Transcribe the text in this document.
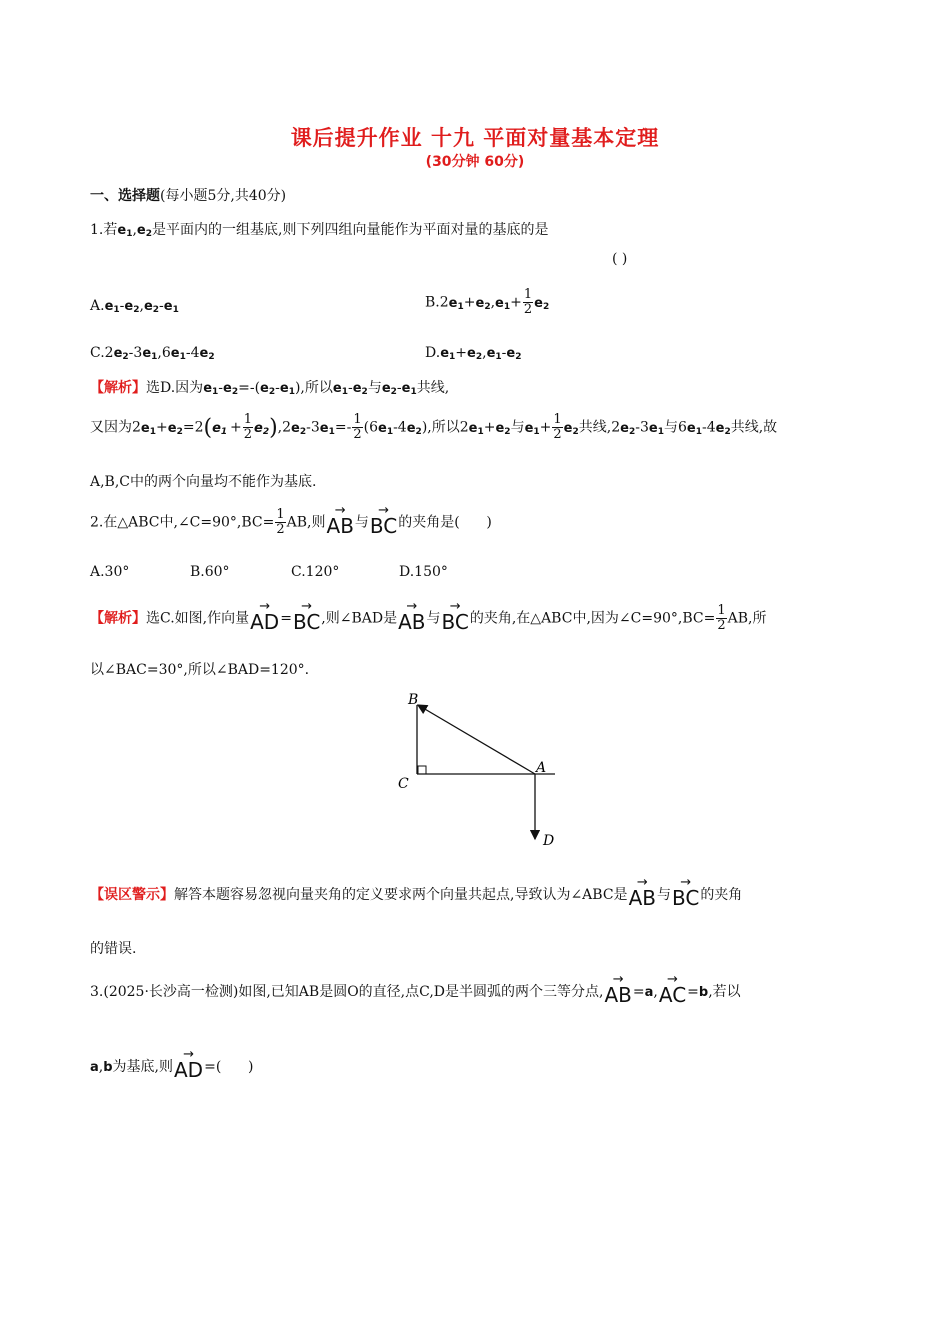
课后提升作业 十九 平面对量基本定理
(30分钟 60分)
一、选择题(每小题5分,共40分)
1.若$e_1,e_2$是平面内的一组基底,则下列四组向量能作为平面对量的基底的是
( )
$A.e_1-e_2,e_2-e_1$	$B.2e_1+e_2,e_1+ \frac{1}{2} e_2$
$C.2e_2-3e_1,6e_1-4e_2$	$D.e_1+e_2,e_1-e_2$
【解析】选D.因为$e_1-e_2=-(e_2-e_1)$,所以$e_1-e_2$与$e_2-e_1$共线,
又因为$2e_1+e_2=2(e_1 + \frac{1}{2} e_2),2e_2-3e_1=- \frac{1}{2} (6e_1-4e_2)$,所以$2e_1+e_2$与$e_1+ \frac{1}{2} e_2$共线$,2e_2-3e_1$与$6e_1-4e_2$共线,故
A,B,C中的两个向量均不能作为基底.
2.在△ABC中,∠C=90°,BC= $\frac{1}{2}$ AB,则→ AB与→ BC的夹角是(      )
A.30°	B.60°	C.120°	D.150°
【解析】选C.如图,作向量→ AD=→ BC,则∠BAD是→ AB与→ BC的夹角,在△ABC中,因为∠C=90°,BC= $\frac{1}{2}$ AB,所
以∠BAC=30°,所以∠BAD=120°.
B
C
A
D
【误区警示】解答本题容易忽视向量夹角的定义要求两个向量共起点,导致认为∠ABC是→ AB与→ BC的夹角
的错误.
3.(2025·长沙高一检测)如图,已知AB是圆O的直径,点C,D是半圆弧的两个三等分点,→ AB=a,→ AC=b,若以
a,b为基底,则→ AD=(      )
